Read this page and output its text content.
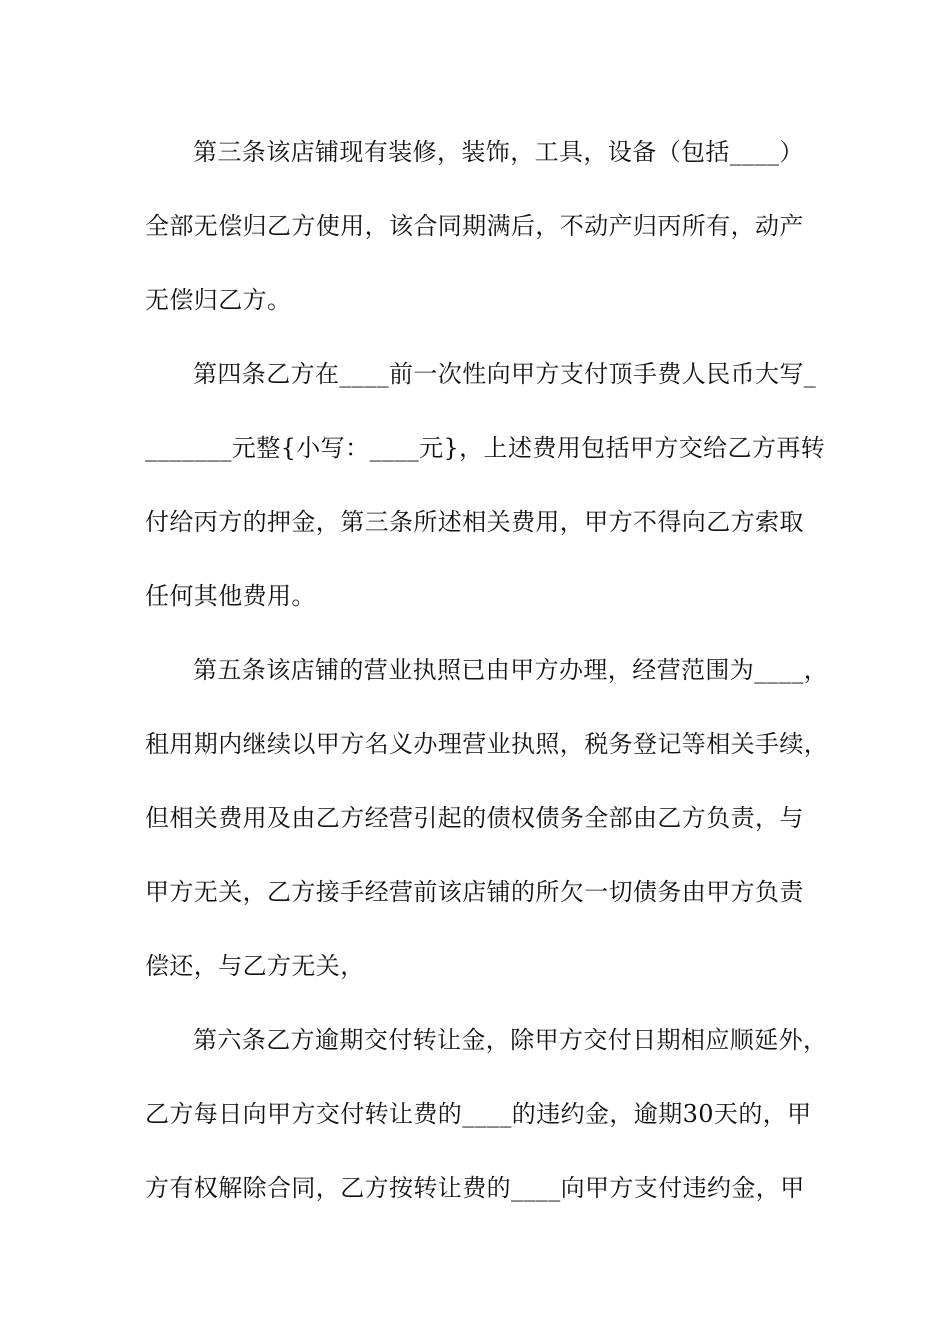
第三条该店铺现有装修，装饰，工具，设备（包括____）
全部无偿归乙方使用，该合同期满后，不动产归丙所有，动产
无偿归乙方。
第四条乙方在____前一次性向甲方支付顶手费人民币大写_
_______元整{小写：____元}，上述费用包括甲方交给乙方再转
付给丙方的押金，第三条所述相关费用，甲方不得向乙方索取
任何其他费用。
第五条该店铺的营业执照已由甲方办理，经营范围为____，
租用期内继续以甲方名义办理营业执照，税务登记等相关手续，
但相关费用及由乙方经营引起的债权债务全部由乙方负责，与
甲方无关，乙方接手经营前该店铺的所欠一切债务由甲方负责
偿还，与乙方无关，
第六条乙方逾期交付转让金，除甲方交付日期相应顺延外，
乙方每日向甲方交付转让费的____的违约金，逾期30天的，甲
方有权解除合同，乙方按转让费的____向甲方支付违约金，甲
